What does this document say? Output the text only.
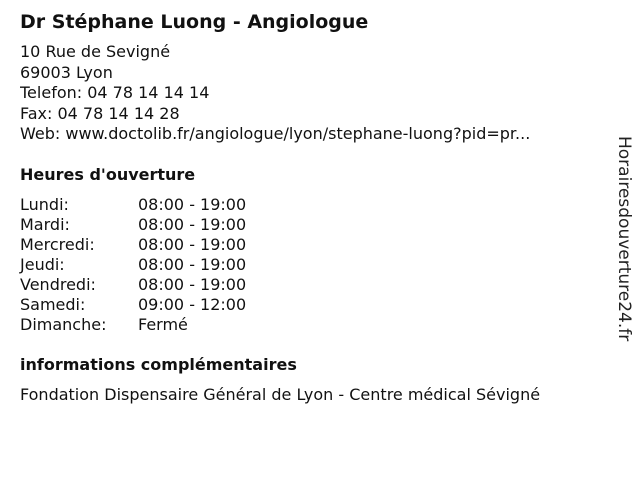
Dr Stéphane Luong - Angiologue
10 Rue de Sevigné
69003 Lyon
Telefon: 04 78 14 14 14
Fax: 04 78 14 14 28
Web: www.doctolib.fr/angiologue/lyon/stephane-luong?pid=pr...
Heures d'ouverture
Lundi:	08:00 - 19:00
Mardi:	08:00 - 19:00
Mercredi:	08:00 - 19:00
Jeudi:	08:00 - 19:00
Vendredi:	08:00 - 19:00
Samedi:	09:00 - 12:00
Dimanche:	Fermé
informations complémentaires
Fondation Dispensaire Général de Lyon - Centre médical Sévigné
Horairesdouverture24.fr
